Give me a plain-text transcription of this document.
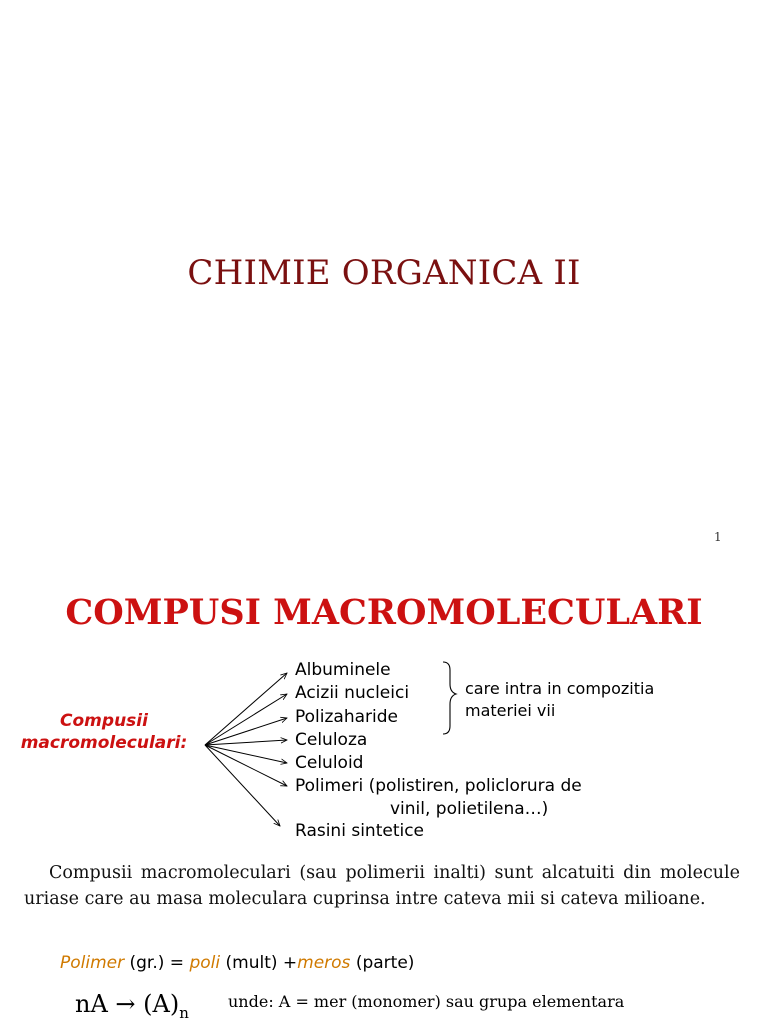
CHIMIE ORGANICA II
1
COMPUSI MACROMOLECULARI
Compusii
macromoleculari:
Albuminele
Acizii nucleici
Polizaharide
Celuloza
Celuloid
Polimeri (polistiren, policlorura de
vinil, polietilena…)
Rasini sintetice
care intra in compozitia
materiei vii
Compusii macromoleculari (sau polimerii inalti) sunt alcatuiti din molecule uriase care au masa moleculara cuprinsa intre cateva mii si cateva milioane.
Polimer (gr.) = poli (mult) +meros (parte)
nA → $(A)_n$
unde: A = mer (monomer) sau grupa elementara
